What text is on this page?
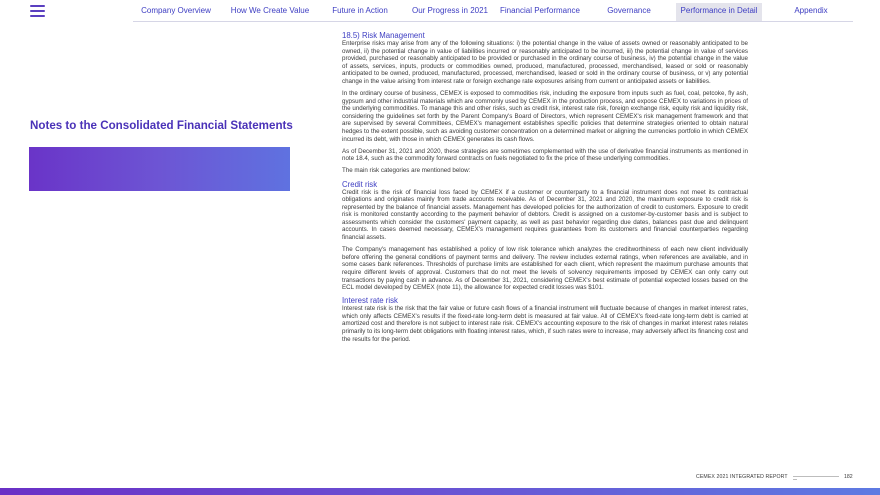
Company Overview	How We Create Value	Future in Action	Our Progress in 2021	Financial Performance	Governance	Performance in Detail	Appendix
Notes to the Consolidated Financial Statements
18.5) Risk Management

Enterprise risks may arise from any of the following situations: i) the potential change in the value of assets owned or reasonably anticipated to be owned, ii) the potential change in value of liabilities incurred or reasonably anticipated to be incurred, iii) the potential change in value of services provided, purchased or reasonably anticipated to be provided or purchased in the ordinary course of business, iv) the potential change in the value of assets, services, inputs, products or commodities owned, produced, manufactured, processed, merchandised, leased or sold or reasonably anticipated to be owned, produced, manufactured, processed, merchandised, leased or sold in the ordinary course of business, or v) any potential change in the value arising from interest rate or foreign exchange rate exposures arising from current or anticipated assets or liabilities.

In the ordinary course of business, CEMEX is exposed to commodities risk, including the exposure from inputs such as fuel, coal, petcoke, fly ash, gypsum and other industrial materials which are commonly used by CEMEX in the production process, and expose CEMEX to variations in prices of the underlying commodities. To manage this and other risks, such as credit risk, interest rate risk, foreign exchange risk, equity risk and liquidity risk, considering the guidelines set forth by the Parent Company's Board of Directors, which represent CEMEX's risk management framework and that are supervised by several Committees, CEMEX's management establishes specific policies that determine strategies oriented to obtain natural hedges to the extent possible, such as avoiding customer concentration on a determined market or aligning the currencies portfolio in which CEMEX incurred its debt, with those in which CEMEX generates its cash flows.

As of December 31, 2021 and 2020, these strategies are sometimes complemented with the use of derivative financial instruments as mentioned in note 18.4, such as the commodity forward contracts on fuels negotiated to fix the price of these underlying commodities.

The main risk categories are mentioned below:

Credit risk

Credit risk is the risk of financial loss faced by CEMEX if a customer or counterparty to a financial instrument does not meet its contractual obligations and originates mainly from trade accounts receivable. As of December 31, 2021 and 2020, the maximum exposure to credit risk is represented by the balance of financial assets. Management has developed policies for the authorization of credit to customers. Exposure to credit risk is monitored constantly according to the payment behavior of debtors. Credit is assigned on a customer-by-customer basis and is subject to assessments which consider the customers' payment capacity, as well as past behavior regarding due dates, balances past due and delinquent accounts. In cases deemed necessary, CEMEX's management requires guarantees from its customers and financial counterparties regarding financial assets.

The Company's management has established a policy of low risk tolerance which analyzes the creditworthiness of each new client individually before offering the general conditions of payment terms and delivery. The review includes external ratings, when references are available, and in some cases bank references. Thresholds of purchase limits are established for each client, which represent the maximum purchase amounts that require different levels of approval. Customers that do not meet the levels of solvency requirements imposed by CEMEX can only carry out transactions by paying cash in advance. As of December 31, 2021, considering CEMEX's best estimate of potential expected losses based on the ECL model developed by CEMEX (note 11), the allowance for expected credit losses was $101.

Interest rate risk

Interest rate risk is the risk that the fair value or future cash flows of a financial instrument will fluctuate because of changes in market interest rates, which only affects CEMEX's results if the fixed-rate long-term debt is measured at fair value. All of CEMEX's fixed-rate long-term debt is carried at amortized cost and therefore is not subject to interest rate risk. CEMEX's accounting exposure to the risk of changes in market interest rates relates primarily to its long-term debt obligations with floating interest rates, which, if such rates were to increase, may adversely affect its financing cost and the results for the period.

CEMEX 2021 INTEGRATED REPORT	182
